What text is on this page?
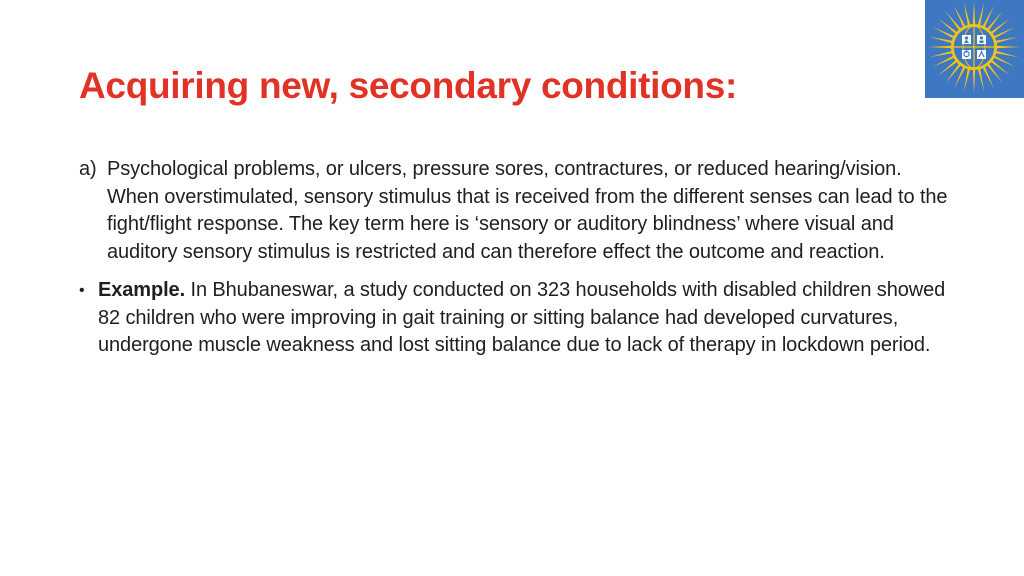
Acquiring new, secondary conditions:

a) Psychological problems, or ulcers, pressure sores, contractures, or reduced hearing/vision. When overstimulated, sensory stimulus that is received from the different senses can lead to the fight/flight response. The key term here is ‘sensory or auditory blindness’ where visual and auditory sensory stimulus is restricted and can therefore effect the outcome and reaction.

• Example. In Bhubaneswar, a study conducted on 323 households with disabled children showed 82 children who were improving in gait training or sitting balance had developed curvatures, undergone muscle weakness and lost sitting balance due to lack of therapy in lockdown period.
